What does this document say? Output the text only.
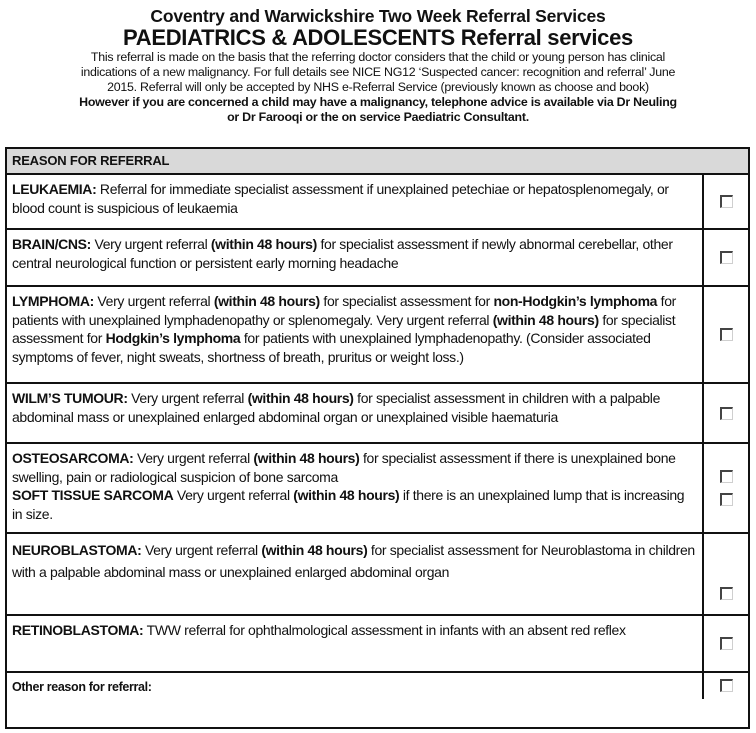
Coventry and Warwickshire Two Week Referral Services
PAEDIATRICS & ADOLESCENTS Referral services
This referral is made on the basis that the referring doctor considers that the child or young person has clinical
indications of a new malignancy. For full details see NICE NG12 ‘Suspected cancer: recognition and referral’ June
2015. Referral will only be accepted by NHS e-Referral Service (previously known as choose and book)
However if you are concerned a child may have a malignancy, telephone advice is available via Dr Neuling
or Dr Farooqi or the on service Paediatric Consultant.
REASON FOR REFERRAL
LEUKAEMIA: Referral for immediate specialist assessment if unexplained petechiae or hepatosplenomegaly, or blood count is suspicious of leukaemia
BRAIN/CNS: Very urgent referral (within 48 hours) for specialist assessment if newly abnormal cerebellar, other central neurological function or persistent early morning headache
LYMPHOMA: Very urgent referral (within 48 hours) for specialist assessment for non-Hodgkin’s lymphoma for patients with unexplained lymphadenopathy or splenomegaly. Very urgent referral (within 48 hours) for specialist assessment for Hodgkin’s lymphoma for patients with unexplained lymphadenopathy. (Consider associated symptoms of fever, night sweats, shortness of breath, pruritus or weight loss.)
WILM’S TUMOUR: Very urgent referral (within 48 hours) for specialist assessment in children with a palpable abdominal mass or unexplained enlarged abdominal organ or unexplained visible haematuria
OSTEOSARCOMA: Very urgent referral (within 48 hours) for specialist assessment if there is unexplained bone swelling, pain or radiological suspicion of bone sarcoma
SOFT TISSUE SARCOMA Very urgent referral (within 48 hours) if there is an unexplained lump that is increasing in size.
NEUROBLASTOMA: Very urgent referral (within 48 hours) for specialist assessment for Neuroblastoma in children with a palpable abdominal mass or unexplained enlarged abdominal organ
RETINOBLASTOMA: TWW referral for ophthalmological assessment in infants with an absent red reflex
Other reason for referral:
